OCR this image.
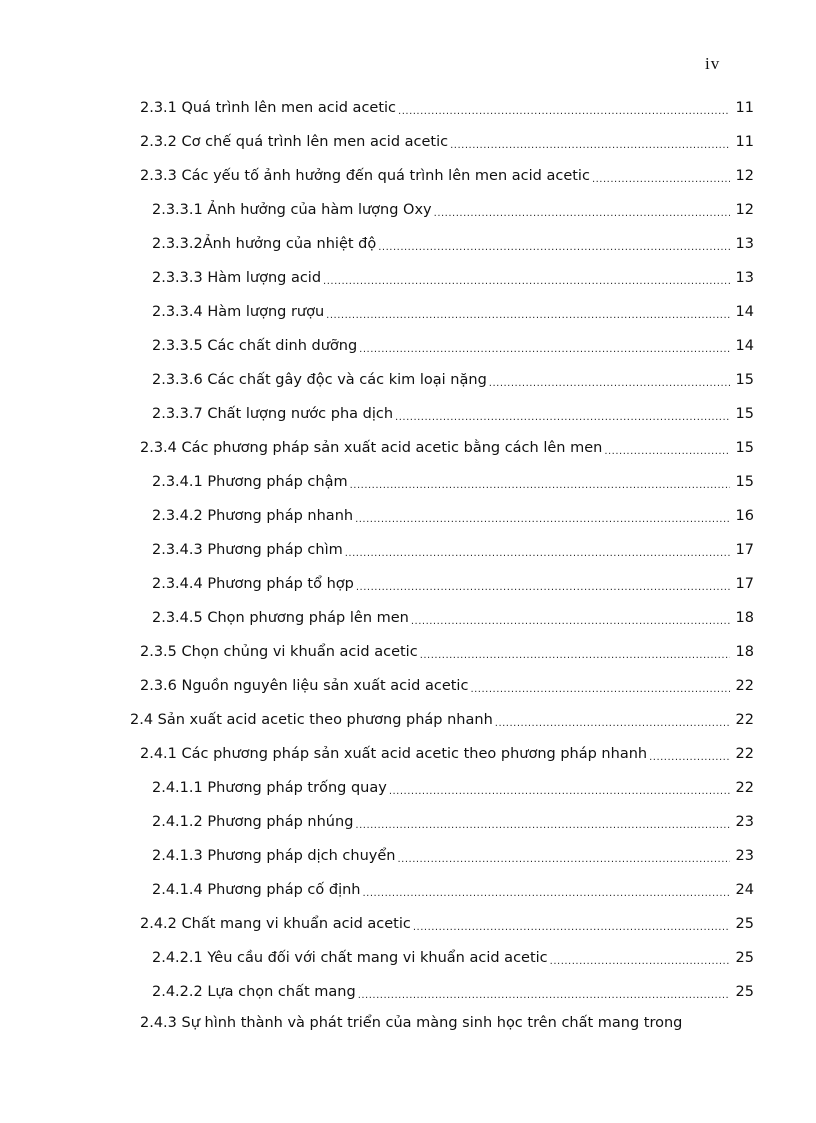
iv
2.3.1 Quá trình lên men acid acetic .....	11
2.3.2 Cơ chế quá trình lên men acid acetic .....	11
2.3.3 Các yếu tố ảnh hưởng đến quá trình lên men acid acetic .....	12
2.3.3.1 Ảnh hưởng của hàm lượng Oxy .....	12
2.3.3.2Ảnh hưởng của nhiệt độ .....	13
2.3.3.3 Hàm lượng acid .....	13
2.3.3.4 Hàm lượng rượu .....	14
2.3.3.5 Các chất dinh dưỡng .....	14
2.3.3.6 Các chất gây độc và các kim loại nặng .....	15
2.3.3.7 Chất lượng nước pha dịch .....	15
2.3.4 Các phương pháp sản xuất acid acetic bằng cách lên men .....	15
2.3.4.1 Phương pháp chậm .....	15
2.3.4.2 Phương pháp nhanh .....	16
2.3.4.3 Phương pháp chìm .....	17
2.3.4.4 Phương pháp tổ hợp .....	17
2.3.4.5 Chọn phương pháp lên men .....	18
2.3.5 Chọn chủng vi khuẩn acid acetic .....	18
2.3.6 Nguồn nguyên liệu sản xuất acid acetic .....	22
2.4 Sản xuất acid acetic theo phương pháp nhanh .....	22
2.4.1 Các phương pháp sản xuất acid acetic theo phương pháp nhanh .....	22
2.4.1.1 Phương pháp trống quay .....	22
2.4.1.2 Phương pháp nhúng .....	23
2.4.1.3 Phương pháp dịch chuyển .....	23
2.4.1.4 Phương pháp cố định .....	24
2.4.2 Chất mang vi khuẩn acid acetic .....	25
2.4.2.1 Yêu cầu đối với chất mang vi khuẩn acid acetic .....	25
2.4.2.2 Lựa chọn chất mang .....	25
2.4.3 Sự hình thành và phát triển của màng sinh học trên chất mang trong
